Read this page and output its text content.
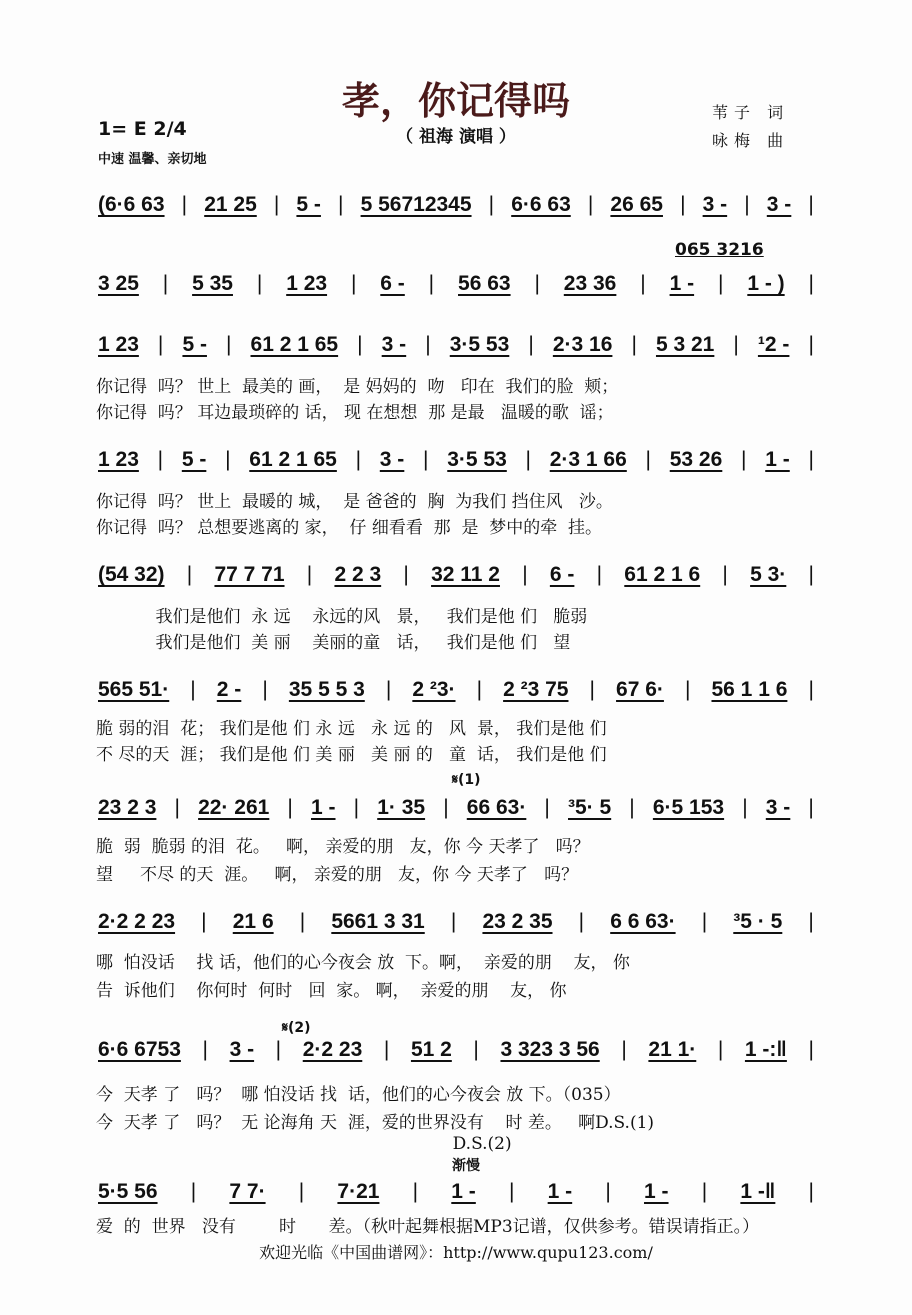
孝，你记得吗
（ 祖海 演唱 ）
1= E 2/4
中速 温馨、亲切地
苇子 词
咏梅 曲
065 3216
𝄋(1)
𝄋(2)
渐慢
(6·6 63 | 21 25 | 5 - | 5 56712345 | 6·6 63 | 26 65 | 3 - | 3 - |
3 25 | 5 35 | 1 23 | 6 - | 56 63 | 23 36 | 1 - | 1 - ) |
1 23 | 5 - | 61 2 1 65 | 3 - | 3·5 53 | 2·3 16 | 5 3 21 | ¹2 - |
你记得  吗？ 世上  最美的 画，  是 妈妈的  吻   印在  我们的脸  颊；
你记得  吗？ 耳边最琐碎的 话， 现 在想想  那 是最   温暖的歌  谣；
1 23 | 5 - | 61 2 1 65 | 3 - | 3·5 53 | 2·3 1 66 | 53 26 | 1 - |
你记得  吗？ 世上  最暖的 城，  是 爸爸的  胸  为我们 挡住风   沙。
你记得  吗？ 总想要逃离的 家，  仔 细看看  那  是  梦中的牵  挂。
(54 32) | 77 7 71 | 2 2 3 | 32 11 2 | 6 - | 61 2 1 6 | 5 3· |
我们是他们  永 远    永远的风   景，   我们是他 们   脆弱
我们是他们  美 丽    美丽的童   话，   我们是他 们   望
565 51· | 2 - | 35 5 5 3 | 2 ²3· | 2 ²3 75 | 67 6· | 56 1 1 6 |
脆 弱的泪  花； 我们是他 们 永 远   永 远 的   风  景， 我们是他 们
不 尽的天  涯； 我们是他 们 美 丽   美 丽 的   童  话， 我们是他 们
23 2 3 | 22· 261 | 1 - | 1· 35 | 66 63· | ³5· 5 | 6·5 153 | 3 - |
脆  弱  脆弱 的泪  花。   啊， 亲爱的朋   友，你 今 天孝了   吗？
望     不尽 的天  涯。   啊， 亲爱的朋   友，你 今 天孝了   吗？
2·2 2 23 | 21 6 | 5661 3 31 | 23 2 35 | 6 6 63· | ³5 · 5 |
哪  怕没话    找 话，他们的心今夜会 放  下。啊，  亲爱的朋    友， 你
告  诉他们    你何时  何时   回  家。 啊，  亲爱的朋    友， 你
6·6 6753 | 3 - | 2·2 23 | 51 2 | 3 323 3 56 | 21 1· | 1 -:‖ |
今  天孝 了   吗？  哪 怕没话 找  话，他们的心今夜会 放 下。（035）
今  天孝 了   吗？  无 论海角 天  涯，爱的世界没有    时 差。   啊D.S.(1)
D.S.(2)
5·5 56 | 7 7· | 7·21 | 1 - | 1 - | 1 - | 1 -‖ |
爱  的  世界   没有        时      差。（秋叶起舞根据MP3记谱，仅供参考。错误请指正。）
欢迎光临《中国曲谱网》：http://www.qupu123.com/
